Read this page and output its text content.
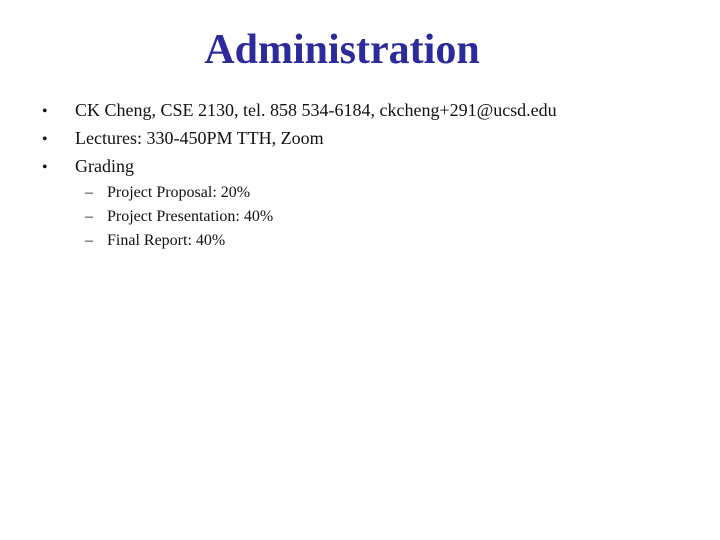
Administration
•	CK Cheng, CSE 2130, tel. 858 534-6184, ckcheng+291@ucsd.edu
•	Lectures: 330-450PM TTH, Zoom
•	Grading
– Project Proposal: 20%
– Project Presentation: 40%
– Final Report: 40%
